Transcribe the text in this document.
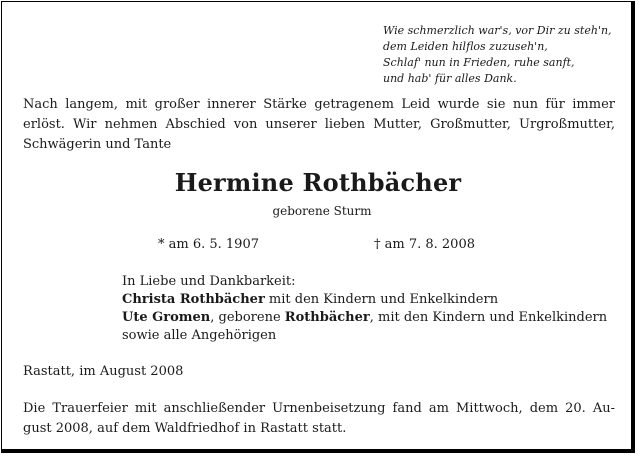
Wie schmerzlich war's, vor Dir zu steh'n,
dem Leiden hilflos zuzuseh'n,
Schlaf' nun in Frieden, ruhe sanft,
und hab' für alles Dank.
Nach langem, mit großer innerer Stärke getragenem Leid wurde sie nun für immer
erlöst. Wir nehmen Abschied von unserer lieben Mutter, Großmutter, Urgroßmutter,
Schwägerin und Tante
Hermine Rothbächer
geborene Sturm
* am 6. 5. 1907	† am 7. 8. 2008
In Liebe und Dankbarkeit:
Christa Rothbächer mit den Kindern und Enkelkindern
Ute Gromen, geborene Rothbächer, mit den Kindern und Enkelkindern
sowie alle Angehörigen
Rastatt, im August 2008
Die Trauerfeier mit anschließender Urnenbeisetzung fand am Mittwoch, dem 20. Au-
gust 2008, auf dem Waldfriedhof in Rastatt statt.
